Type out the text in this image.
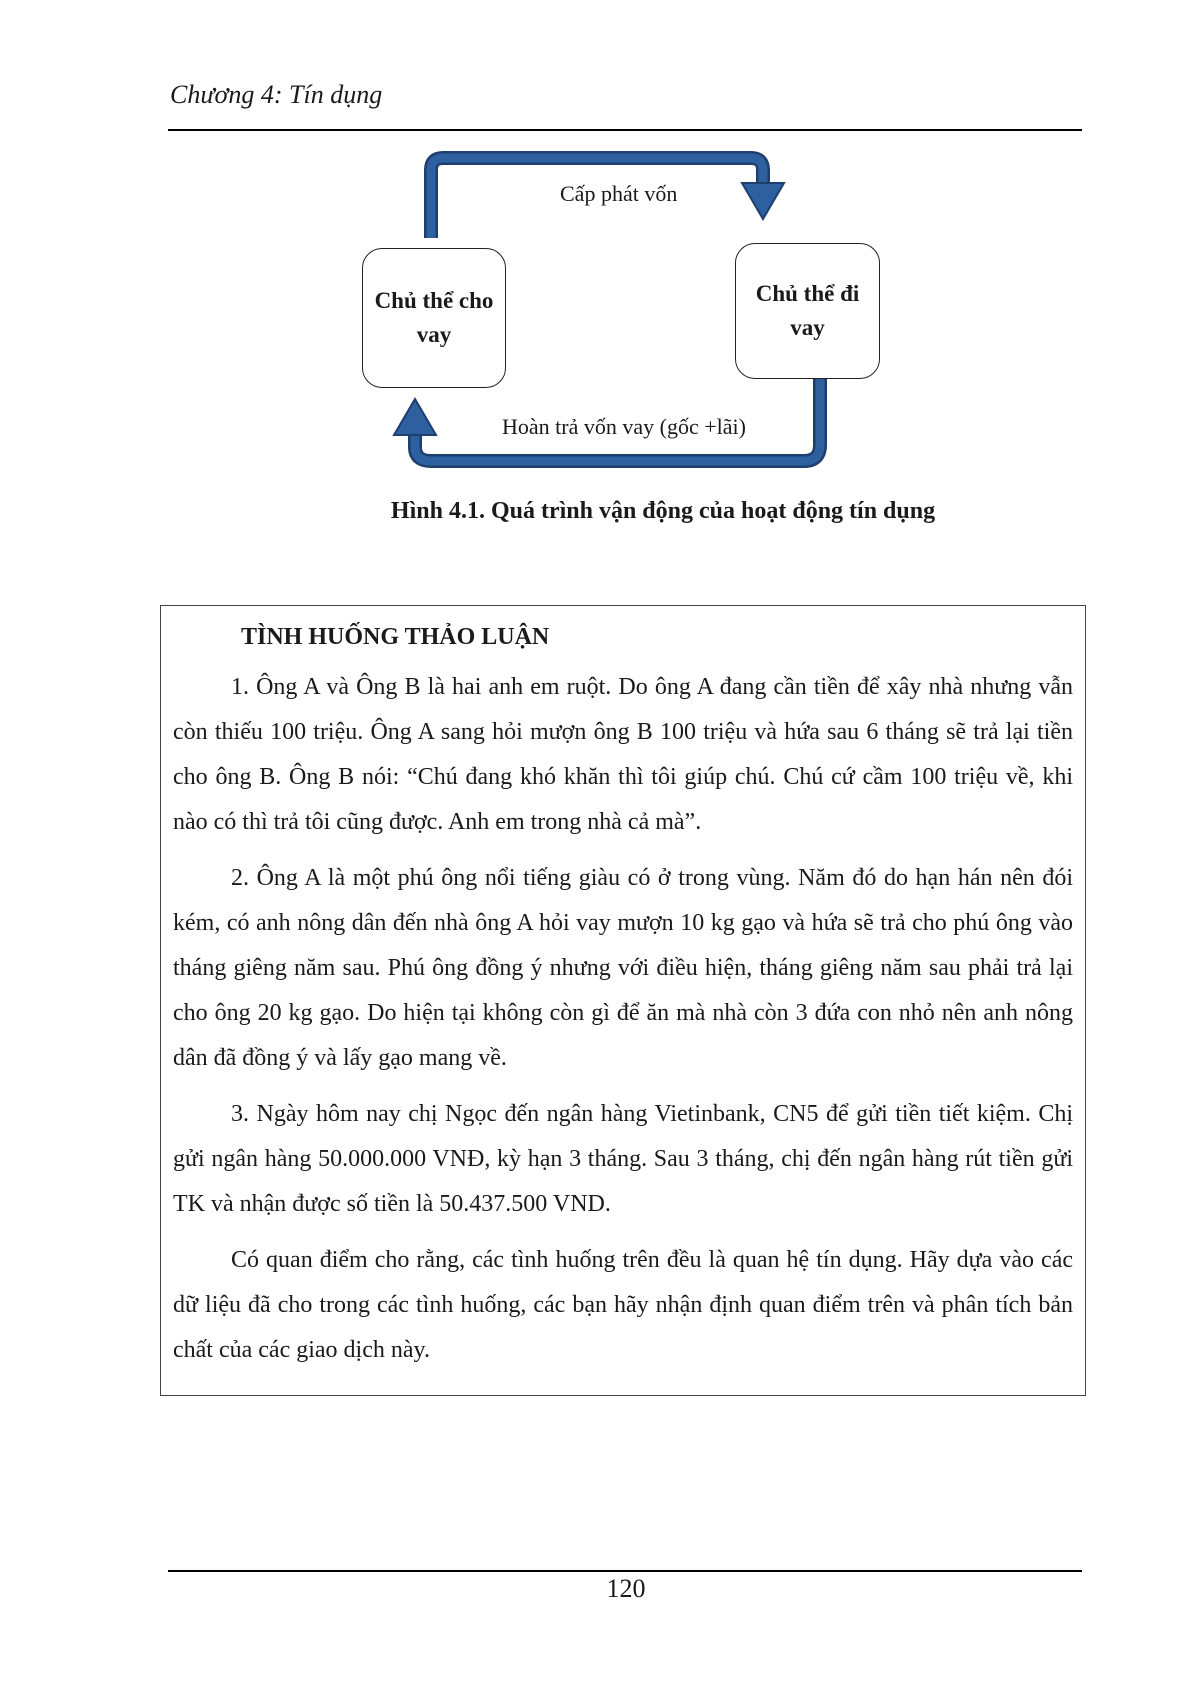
Chương 4: Tín dụng
Chủ thể cho vay
Chủ thể đi vay
Cấp phát vốn
Hoàn trả vốn vay (gốc +lãi)
Hình 4.1. Quá trình vận động của hoạt động tín dụng
TÌNH HUỐNG THẢO LUẬN

1. Ông A và Ông B là hai anh em ruột. Do ông A đang cần tiền để xây nhà nhưng vẫn còn thiếu 100 triệu. Ông A sang hỏi mượn ông B 100 triệu và hứa sau 6 tháng sẽ trả lại tiền cho ông B. Ông B nói: “Chú đang khó khăn thì tôi giúp chú. Chú cứ cầm 100 triệu về, khi nào có thì trả tôi cũng được. Anh em trong nhà cả mà”.

2. Ông A là một phú ông nổi tiếng giàu có ở trong vùng. Năm đó do hạn hán nên đói kém, có anh nông dân đến nhà ông A hỏi vay mượn 10 kg gạo và hứa sẽ trả cho phú ông vào tháng giêng năm sau. Phú ông đồng ý nhưng với điều hiện, tháng giêng năm sau phải trả lại cho ông 20 kg gạo. Do hiện tại không còn gì để ăn mà nhà còn 3 đứa con nhỏ nên anh nông dân đã đồng ý và lấy gạo mang về.

3. Ngày hôm nay chị Ngọc đến ngân hàng Vietinbank, CN5 để gửi tiền tiết kiệm. Chị gửi ngân hàng 50.000.000 VNĐ, kỳ hạn 3 tháng. Sau 3 tháng, chị đến ngân hàng rút tiền gửi TK và nhận được số tiền là 50.437.500 VND.

Có quan điểm cho rằng, các tình huống trên đều là quan hệ tín dụng. Hãy dựa vào các dữ liệu đã cho trong các tình huống, các bạn hãy nhận định quan điểm trên và phân tích bản chất của các giao dịch này.

120
